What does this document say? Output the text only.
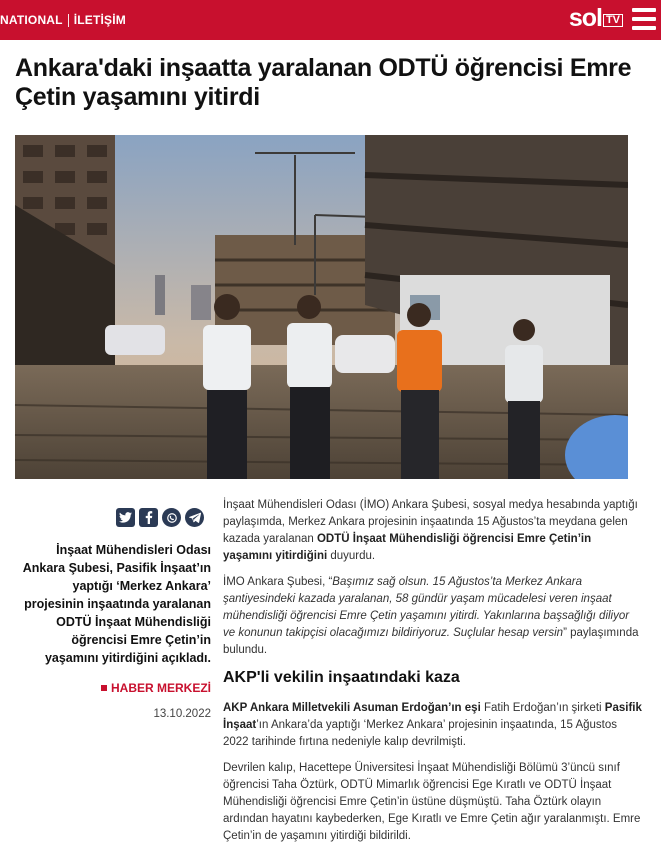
NATIONAL İLETİŞİM	sol TV
Ankara'daki inşaatta yaralanan ODTÜ öğrencisi Emre Çetin yaşamını yitirdi
İnşaat Mühendisleri Odası Ankara Şubesi, Pasifik İnşaat’ın yaptığı ‘Merkez Ankara’ projesinin inşaatında yaralanan ODTÜ İnşaat Mühendisliği öğrencisi Emre Çetin’in yaşamını yitirdiğini açıkladı.
HABER MERKEZİ
13.10.2022

İnşaat Mühendisleri Odası (İMO) Ankara Şubesi, sosyal medya hesabında yaptığı paylaşımda, Merkez Ankara projesinin inşaatında 15 Ağustos’ta meydana gelen kazada yaralanan ODTÜ İnşaat Mühendisliği öğrencisi Emre Çetin’in yaşamını yitirdiğini duyurdu.

İMO Ankara Şubesi, “Başımız sağ olsun. 15 Ağustos’ta Merkez Ankara şantiyesindeki kazada yaralanan, 58 gündür yaşam mücadelesi veren inşaat mühendisliği öğrencisi Emre Çetin yaşamını yitirdi. Yakınlarına başsağlığı diliyor ve konunun takipçisi olacağımızı bildiriyoruz. Suçlular hesap versin” paylaşımında bulundu.

AKP'li vekilin inşaatındaki kaza

AKP Ankara Milletvekili Asuman Erdoğan’ın eşi Fatih Erdoğan’ın şirketi Pasifik İnşaat’ın Ankara’da yaptığı ‘Merkez Ankara’ projesinin inşaatında, 15 Ağustos 2022 tarihinde fırtına nedeniyle kalıp devrilmişti.

Devrilen kalıp, Hacettepe Üniversitesi İnşaat Mühendisliği Bölümü 3’üncü sınıf öğrencisi Taha Öztürk, ODTÜ Mimarlık öğrencisi Ege Kıratlı ve ODTÜ İnşaat Mühendisliği öğrencisi Emre Çetin’in üstüne düşmüştü. Taha Öztürk olayın ardından hayatını kaybederken, Ege Kıratlı ve Emre Çetin ağır yaralanmıştı. Emre Çetin’in de yaşamını yitirdiği bildirildi.
